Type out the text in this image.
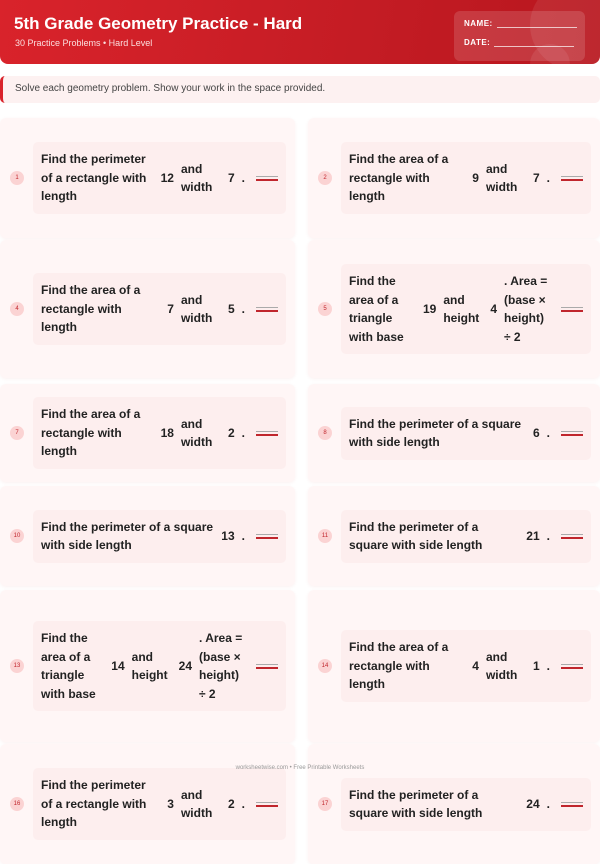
5th Grade Geometry Practice - Hard
30 Practice Problems • Hard Level
NAME:
DATE:
Solve each geometry problem. Show your work in the space provided.
1
Find the perimeter of a rectangle with length
12
and width
7 .	2
Find the area of a rectangle with length
9
and width
7 .
4
Find the area of a rectangle with length
7
and width
5 .	5
Find the area of a triangle with base
19
and height
4
. Area = (base × height) ÷ 2
7
Find the area of a rectangle with length
18
and width
2 .	8
Find the perimeter of a square with side length
6 .
10
Find the perimeter of a square with side length
13 .	11
Find the perimeter of a square with side length
21 .
13
Find the area of a triangle with base
14
and height
24
. Area = (base × height) ÷ 2
14
Find the area of a rectangle with length
4
and width
1 .
16
Find the perimeter of a rectangle with length
3
and width
2 .	17
Find the perimeter of a square with side length
24 .
worksheetwise.com • Free Printable Worksheets
